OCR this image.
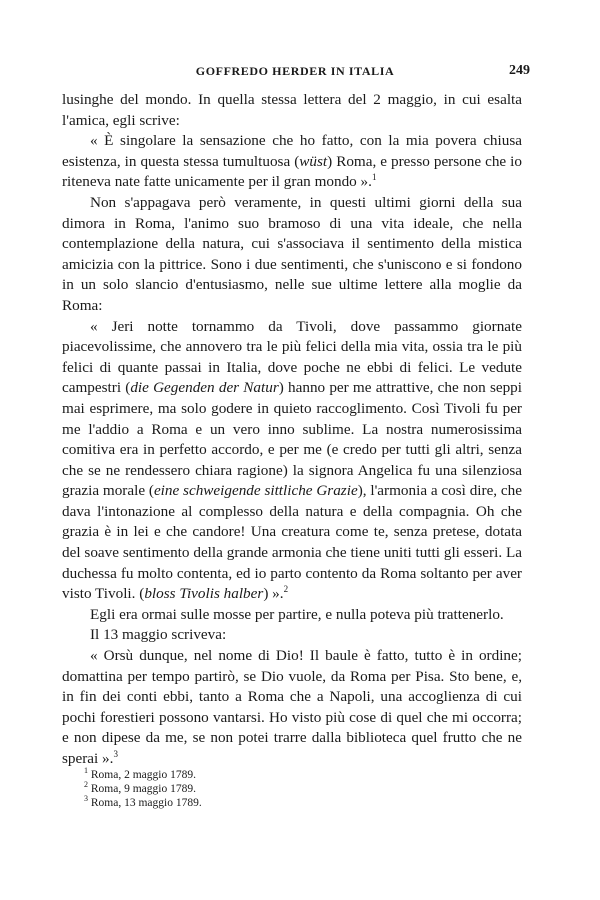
GOFFREDO HERDER IN ITALIA	249

lusinghe del mondo. In quella stessa lettera del 2 maggio, in cui esalta l'amica, egli scrive:

« È singolare la sensazione che ho fatto, con la mia povera chiusa esistenza, in questa stessa tumultuosa (wüst) Roma, e presso persone che io riteneva nate fatte unicamente per il gran mondo ».$^1$

Non s'appagava però veramente, in questi ultimi giorni della sua dimora in Roma, l'animo suo bramoso di una vita ideale, che nella contemplazione della natura, cui s'associava il sentimento della mistica amicizia con la pittrice. Sono i due sentimenti, che s'uniscono e si fondono in un solo slancio d'entusiasmo, nelle sue ultime lettere alla moglie da Roma:

« Jeri notte tornammo da Tivoli, dove passammo giornate piacevolissime, che annovero tra le più felici della mia vita, ossia tra le più felici di quante passai in Italia, dove poche ne ebbi di felici. Le vedute campestri (die Gegenden der Natur) hanno per me attrattive, che non seppi mai esprimere, ma solo godere in quieto raccoglimento. Così Tivoli fu per me l'addio a Roma e un vero inno sublime. La nostra numerosissima comitiva era in perfetto accordo, e per me (e credo per tutti gli altri, senza che se ne rendessero chiara ragione) la signora Angelica fu una silenziosa grazia morale (eine schweigende sittliche Grazie), l'armonia a così dire, che dava l'intonazione al complesso della natura e della compagnia. Oh che grazia è in lei e che candore! Una creatura come te, senza pretese, dotata del soave sentimento della grande armonia che tiene uniti tutti gli esseri. La duchessa fu molto contenta, ed io parto contento da Roma soltanto per aver visto Tivoli. (bloss Tivolis halber) ».$^2$

Egli era ormai sulle mosse per partire, e nulla poteva più trattenerlo.

Il 13 maggio scriveva:

« Orsù dunque, nel nome di Dio! Il baule è fatto, tutto è in ordine; domattina per tempo partirò, se Dio vuole, da Roma per Pisa. Sto bene, e, in fin dei conti ebbi, tanto a Roma che a Napoli, una accoglienza di cui pochi forestieri possono vantarsi. Ho visto più cose di quel che mi occorra; e non dipese da me, se non potei trarre dalla biblioteca quel frutto che ne sperai ».$^3$

$^1$ Roma, 2 maggio 1789.
$^2$ Roma, 9 maggio 1789.
$^3$ Roma, 13 maggio 1789.
